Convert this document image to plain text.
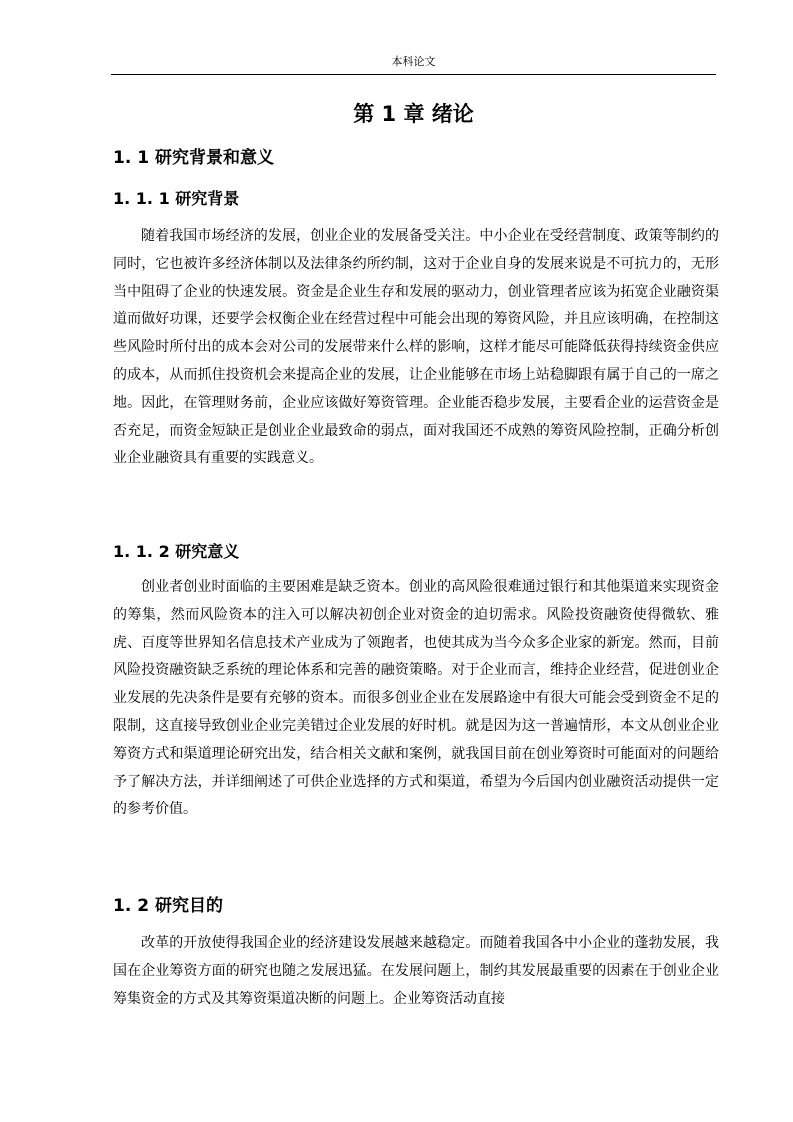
本科论文
第 1 章 绪论
1. 1 研究背景和意义
1. 1. 1 研究背景

随着我国市场经济的发展，创业企业的发展备受关注。中小企业在受经营制度、政策等制约的同时，它也被许多经济体制以及法律条约所约制，这对于企业自身的发展来说是不可抗力的，无形当中阻碍了企业的快速发展。资金是企业生存和发展的驱动力，创业管理者应该为拓宽企业融资渠道而做好功课，还要学会权衡企业在经营过程中可能会出现的筹资风险，并且应该明确，在控制这些风险时所付出的成本会对公司的发展带来什么样的影响，这样才能尽可能降低获得持续资金供应的成本，从而抓住投资机会来提高企业的发展，让企业能够在市场上站稳脚跟有属于自己的一席之地。因此，在管理财务前，企业应该做好筹资管理。企业能否稳步发展，主要看企业的运营资金是否充足，而资金短缺正是创业企业最致命的弱点，面对我国还不成熟的筹资风险控制，正确分析创业企业融资具有重要的实践意义。

1. 1. 2 研究意义

创业者创业时面临的主要困难是缺乏资本。创业的高风险很难通过银行和其他渠道来实现资金的筹集，然而风险资本的注入可以解决初创企业对资金的迫切需求。风险投资融资使得微软、雅虎、百度等世界知名信息技术产业成为了领跑者，也使其成为当今众多企业家的新宠。然而，目前风险投资融资缺乏系统的理论体系和完善的融资策略。对于企业而言，维持企业经营，促进创业企业发展的先决条件是要有充够的资本。而很多创业企业在发展路途中有很大可能会受到资金不足的限制，这直接导致创业企业完美错过企业发展的好时机。就是因为这一普遍情形，本文从创业企业筹资方式和渠道理论研究出发，结合相关文献和案例，就我国目前在创业筹资时可能面对的问题给予了解决方法，并详细阐述了可供企业选择的方式和渠道，希望为今后国内创业融资活动提供一定的参考价值。

1. 2 研究目的

改革的开放使得我国企业的经济建设发展越来越稳定。而随着我国各中小企业的蓬勃发展，我国在企业筹资方面的研究也随之发展迅猛。在发展问题上，制约其发展最重要的因素在于创业企业筹集资金的方式及其筹资渠道决断的问题上。企业筹资活动直接
